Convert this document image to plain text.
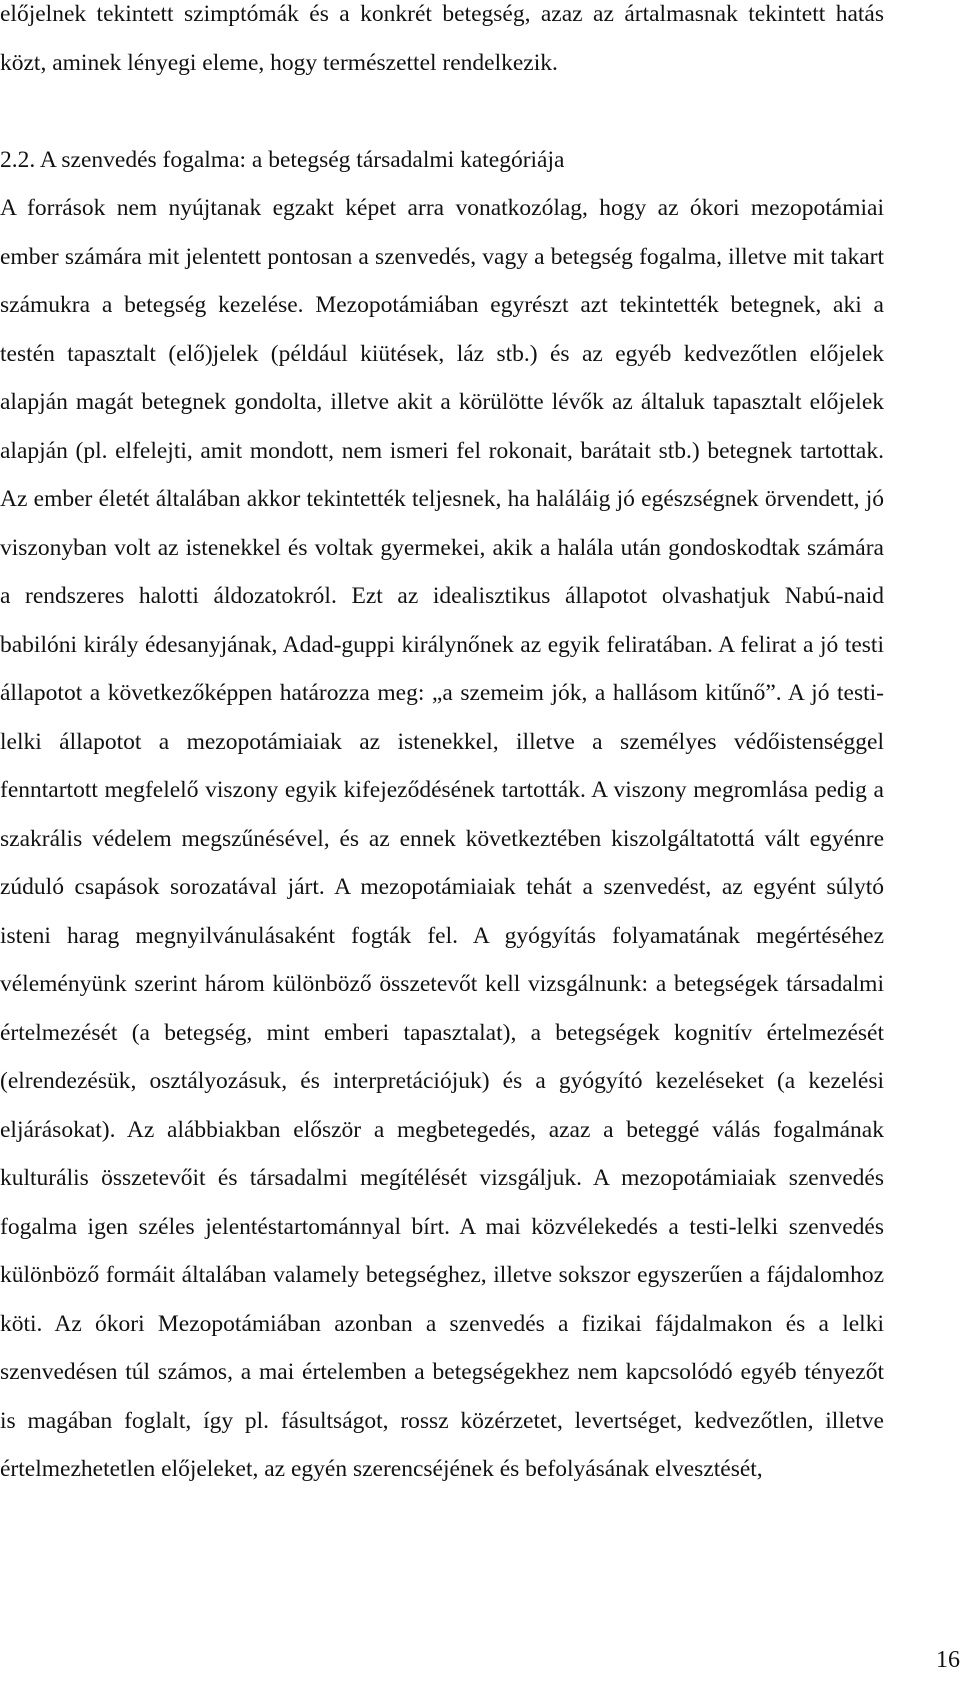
előjelnek tekintett szimptómák és a konkrét betegség, azaz az ártalmasnak tekintett hatás közt, aminek lényegi eleme, hogy természettel rendelkezik.

2.2. A szenvedés fogalma: a betegség társadalmi kategóriája

A források nem nyújtanak egzakt képet arra vonatkozólag, hogy az ókori mezopotámiai ember számára mit jelentett pontosan a szenvedés, vagy a betegség fogalma, illetve mit takart számukra a betegség kezelése. Mezopotámiában egyrészt azt tekintették betegnek, aki a testén tapasztalt (elő)jelek (például kiütések, láz stb.) és az egyéb kedvezőtlen előjelek alapján magát betegnek gondolta, illetve akit a körülötte lévők az általuk tapasztalt előjelek alapján (pl. elfelejti, amit mondott, nem ismeri fel rokonait, barátait stb.) betegnek tartottak. Az ember életét általában akkor tekintették teljesnek, ha haláláig jó egészségnek örvendett, jó viszonyban volt az istenekkel és voltak gyermekei, akik a halála után gondoskodtak számára a rendszeres halotti áldozatokról. Ezt az idealisztikus állapotot olvashatjuk Nabú-naid babilóni király édesanyjának, Adad-guppi királynőnek az egyik feliratában. A felirat a jó testi állapotot a következőképpen határozza meg: „a szemeim jók, a hallásom kitűnő”. A jó testi-lelki állapotot a mezopotámiaiak az istenekkel, illetve a személyes védőistenséggel fenntartott megfelelő viszony egyik kifejeződésének tartották. A viszony megromlása pedig a szakrális védelem megszűnésével, és az ennek következtében kiszolgáltatottá vált egyénre zúduló csapások sorozatával járt. A mezopotámiaiak tehát a szenvedést, az egyént súlytó isteni harag megnyilvánulásaként fogták fel. A gyógyítás folyamatának megértéséhez véleményünk szerint három különböző összetevőt kell vizsgálnunk: a betegségek társadalmi értelmezését (a betegség, mint emberi tapasztalat), a betegségek kognitív értelmezését (elrendezésük, osztályozásuk, és interpretációjuk) és a gyógyító kezeléseket (a kezelési eljárásokat). Az alábbiakban először a megbetegedés, azaz a beteggé válás fogalmának kulturális összetevőit és társadalmi megítélését vizsgáljuk. A mezopotámiaiak szenvedés fogalma igen széles jelentéstartománnyal bírt. A mai közvélekedés a testi-lelki szenvedés különböző formáit általában valamely betegséghez, illetve sokszor egyszerűen a fájdalomhoz köti. Az ókori Mezopotámiában azonban a szenvedés a fizikai fájdalmakon és a lelki szenvedésen túl számos, a mai értelemben a betegségekhez nem kapcsolódó egyéb tényezőt is magában foglalt, így pl. fásultságot, rossz közérzetet, levertséget, kedvezőtlen, illetve értelmezhetetlen előjeleket, az egyén szerencséjének és befolyásának elvesztését,

16
